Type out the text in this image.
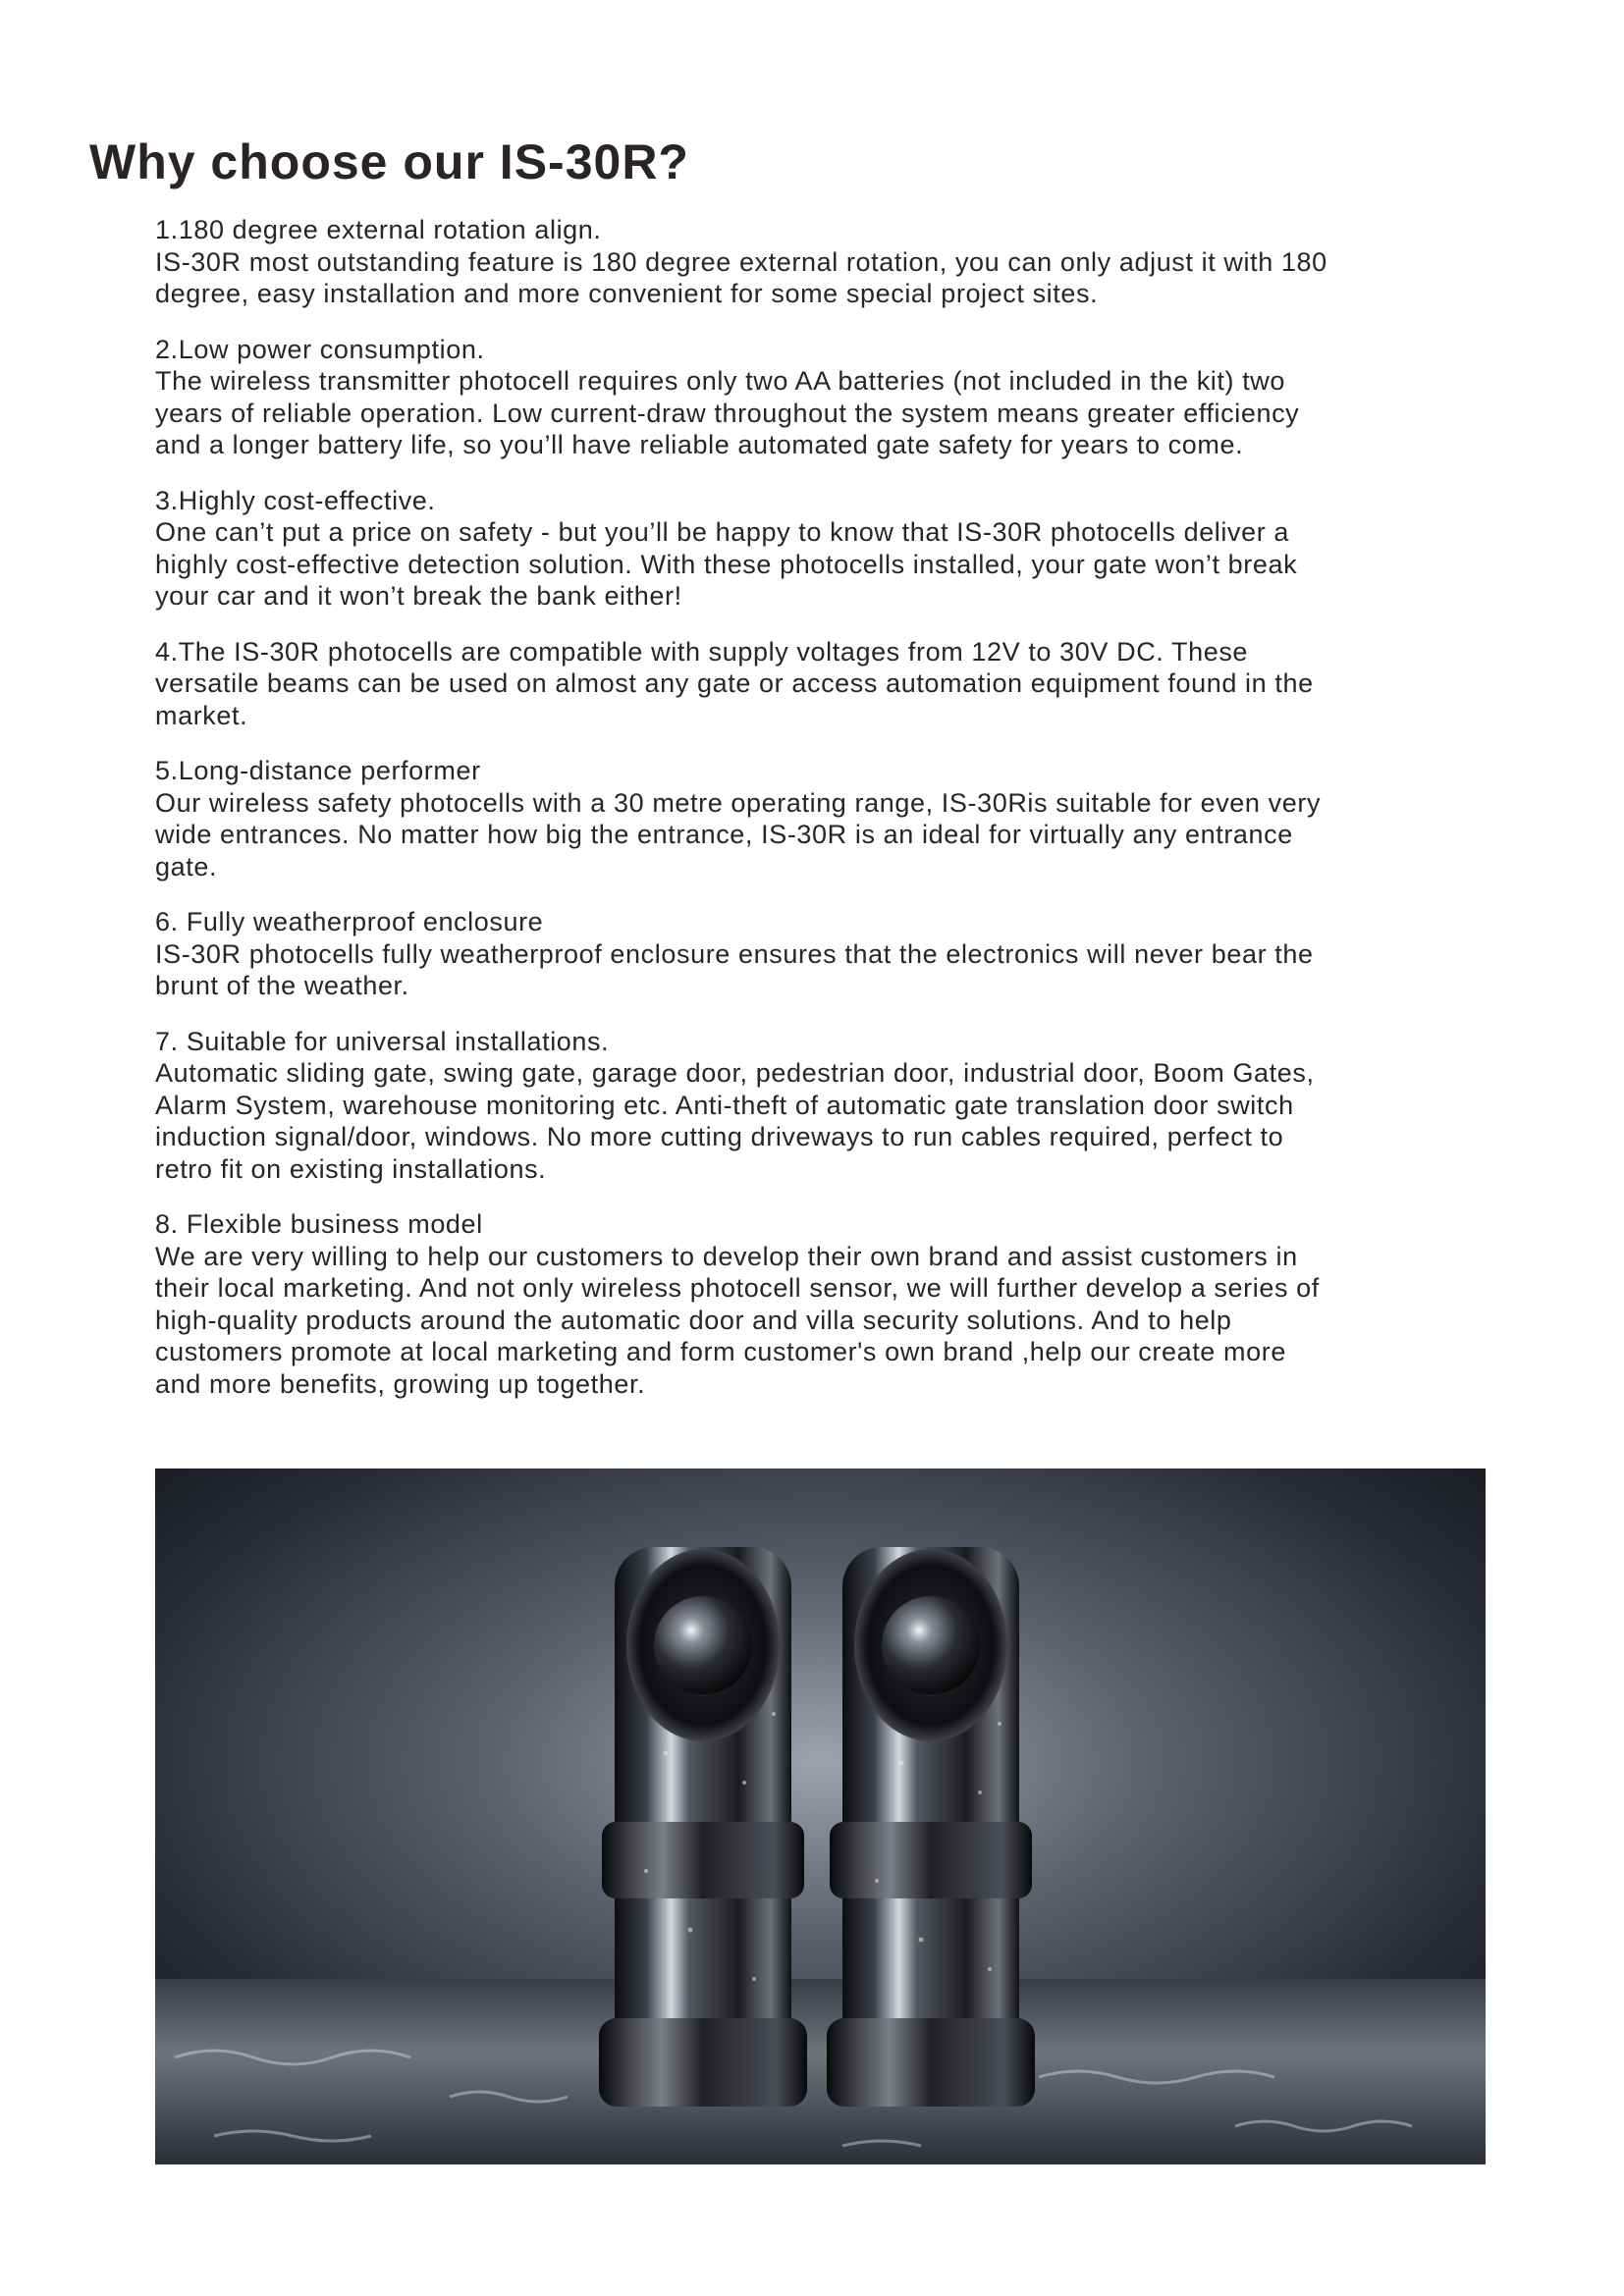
Why choose our IS-30R?
1.180 degree external rotation align.
IS-30R most outstanding feature is 180 degree external rotation, you can only adjust it with 180
degree, easy installation and more convenient for some special project sites.
2.Low power consumption.
The wireless transmitter photocell requires only two AA batteries (not included in the kit) two
years of reliable operation. Low current-draw throughout the system means greater efficiency
and a longer battery life, so you’ll have reliable automated gate safety for years to come.
3.Highly cost-effective.
One can’t put a price on safety - but you’ll be happy to know that IS-30R photocells deliver a
highly cost-effective detection solution. With these photocells installed, your gate won’t break
your car and it won’t break the bank either!
4.The IS-30R photocells are compatible with supply voltages from 12V to 30V DC. These
versatile beams can be used on almost any gate or access automation equipment found in the
market.
5.Long-distance performer
Our wireless safety photocells with a 30 metre operating range, IS-30Ris suitable for even very
wide entrances. No matter how big the entrance, IS-30R is an ideal for virtually any entrance
gate.
6. Fully weatherproof enclosure
IS-30R photocells fully weatherproof enclosure ensures that the electronics will never bear the
brunt of the weather.
7. Suitable for universal installations.
Automatic sliding gate, swing gate, garage door, pedestrian door, industrial door, Boom Gates,
Alarm System, warehouse monitoring etc. Anti-theft of automatic gate translation door switch
induction signal/door, windows. No more cutting driveways to run cables required, perfect to
retro fit on existing installations.
8. Flexible business model
We are very willing to help our customers to develop their own brand and assist customers in
their local marketing. And not only wireless photocell sensor, we will further develop a series of
high-quality products around the automatic door and villa security solutions. And to help
customers promote at local marketing and form customer's own brand ,help our create more
and more benefits, growing up together.
